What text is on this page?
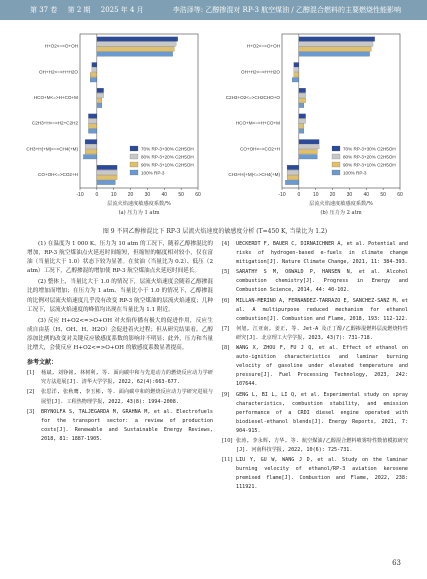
第 37 卷 第 2 期 2025 年 4 月	李浩泽等: 乙醇掺混对 RP-3 航空煤油 / 乙醇混合燃料的主要燃烧性能影响
-10 0	10 20 30 40 50 60
H+O2<=>O+OH
OH+H2<=>H+H2O
HCO+M<=>H+CO+M
C2H3+H<=>H2+C2H2
CH3+H(+M)<=>CH4(+M)
CO+OH<=>CO2+H
70% RP-3+30% C2H5OH
80% RP-3+20% C2H5OH
90% RP-3+10% C2H5OH
100% RP-3
层流火焰速度敏感度系数/%
(a) 压力为 1 atm
-10 0	10 20 30 40 50 60
H+O2<=>O+OH
OH+H2<=>H+H2O
C2H3+O2<=>CH2CHO+O
HCO+M<=>H+CO+M
CO+OH<=>CO2+H
CH3+H(+M)<=>CH4(+M)
70% RP-3+30% C2H5OH
80% RP-3+20% C2H5OH
90% RP-3+10% C2H5OH
100% RP-3
层流火焰速度敏感度系数/%
(b) 压力为 2 atm
图 9 不同乙醇掺混比下 RP-3 层流火焰速度的敏感度分析 (T=450 K, 当量比为 1.2)

(1) 在温度为 1 000 K、压力为 10 atm 的工况下，随着乙醇掺混比的增加，RP-3 航空煤油点火延迟时间缩短，但缩短的幅度相对较小，仅在富油（当量比大于 1.0）状态下较为显著。在贫油（当量比为 0.2）、低压（2 atm）工况下，乙醇掺混的增加使 RP-3 航空煤油点火延迟时间延长。

(2) 整体上，当量比大于 1.0 的情况下，层流火焰速度会随着乙醇掺混比的增加而增加；在压力为 1 atm、当量比小于 1.0 的情况下，乙醇掺混的比例对层流火焰速度几乎没有改变 RP-3 航空煤油的层流火焰速度；几种工况下，层流火焰速度的峰值均出现在当量比为 1.1 附近。

(3) 反应 H+O2<=>O+OH 对火焰传播有极大的促进作用，反应生成自由基（H、OH、H、H2O）会促进着火过程；但从研究结果看，乙醇添加比例的改变对关键反应敏感度系数的影响并不明显；此外，压力和当量比增大，会使反应 H+O2<=>O+OH 的敏感度系数显著提高。

参考文献：

[1] 杨斌, 刘铮铭, 林树利, 等. 面向碳中和与先进动力的燃烧反应动力学研究方法进展[J]. 清华大学学报, 2022, 62(4):663-677.

[2] 张思洋, 张秋鹰, 李玉彬, 等. 面向碳中和的燃烧反应动力学研究进展与展望[J]. 工程热物理学报, 2022, 43(8): 1994-2008.

[3] BRYNOLFA S, TALJEGARDA M, GRAHNA M, et al. Electrofuels for the transport sector: a review of production costs[J]. Renewable and Sustainable Energy Reviews, 2018, 81: 1887-1905.

[4] UECKERDT F, BAUER C, DIRNAICHNER A, et al. Potential and risks of hydrogen-based e-fuels in climate change mitigation[J]. Nature Climate Change, 2021, 11: 384-393.

[5] SARATHY S M, OßWALD P, HANSEN N, et al. Alcohol combustion chemistry[J]. Progress in Energy and Combustion Science, 2014, 44: 40-102.

[6] MILLAN-MERINO A, FERNANDEZ-TARRAZO E, SANCHEZ-SANZ M, et al. A multipurpose reduced mechanism for ethanol combustion[J]. Combustion and Flame, 2018, 193: 112-122.

[7] 何旭, 江亚南, 姜正, 等. Jet-A 及正丁醇/乙醇掺混燃料层流燃烧特性研究[J]. 北京理工大学学报, 2023, 43(7): 731-718.

[8] WANG X, ZHOU F, FU J Q, et al. Effect of ethanol on auto-ignition characteristics and laminar burning velocity of gasoline under elevated temperature and pressure[J]. Fuel Processing Technology, 2023, 242: 107644.

[9] GENG L, BI L, LI Q, et al. Experimental study on spray characteristics, combustion stability, and emission performance of a CRDI diesel engine operated with biodiesel-ethanol blends[J]. Energy Reports, 2021, 7: 904-915.

[10] 张涛, 李永辉, 方华, 等. 航空煤油/乙醇混合燃料喷雾特性数值模拟研究[J]. 河南科技学报, 2022, 10(6): 725-731.

[11] LIU Y, GU W, WANG J D, et al. Study on the laminar burning velocity of ethanol/RP-3 aviation kerosene premixed flame[J]. Combustion and Flame, 2022, 238: 111921.

63
